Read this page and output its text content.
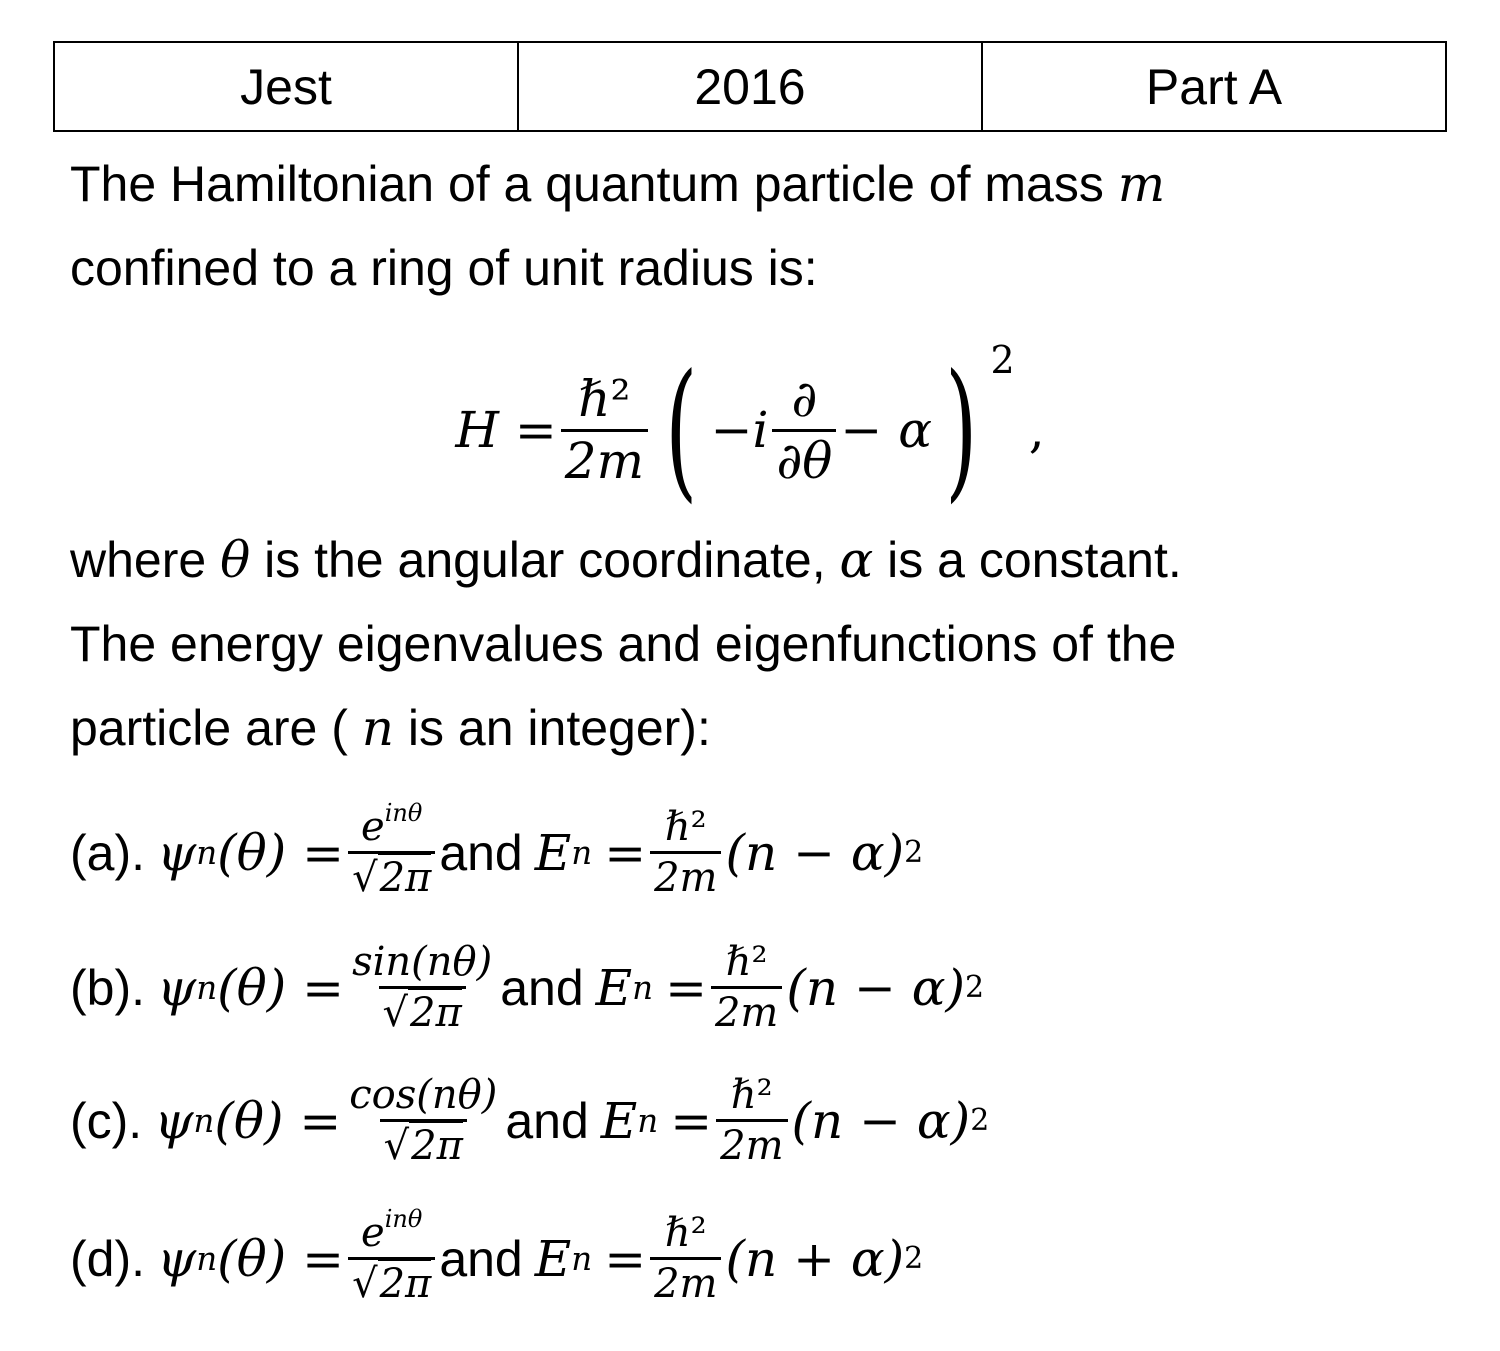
Jest	2016	Part A

The Hamiltonian of a quantum particle of mass m

confined to a ring of unit radius is:

$H = \frac{\text{ℏ²}}{2m}$ ( $-i \frac{\partial}{\partial\theta} - \alpha$ ) 2
,

where θ is the angular coordinate, α is a constant.

The energy eigenvalues and eigenfunctions of the

particle are ( n is an integer):

(a). ψ n $(\theta) = \frac{e^{in\theta}}{√2\pi}$ and E $n = \frac{\text{ℏ²}}{2m} (n - \alpha)$ 2
(b). ψ n $(\theta) = \frac{\sin(n\theta)}{√2\pi}$ and E $n = \frac{\text{ℏ²}}{2m} (n - \alpha)$ 2
(c). ψ n $(\theta) = \frac{\cos(n\theta)}{√2\pi}$ and E $n = \frac{\text{ℏ²}}{2m} (n - \alpha)$ 2
(d). ψ n $(\theta) = \frac{e^{in\theta}}{√2\pi}$ and E $n = \frac{\text{ℏ²}}{2m} (n + \alpha)$ 2
